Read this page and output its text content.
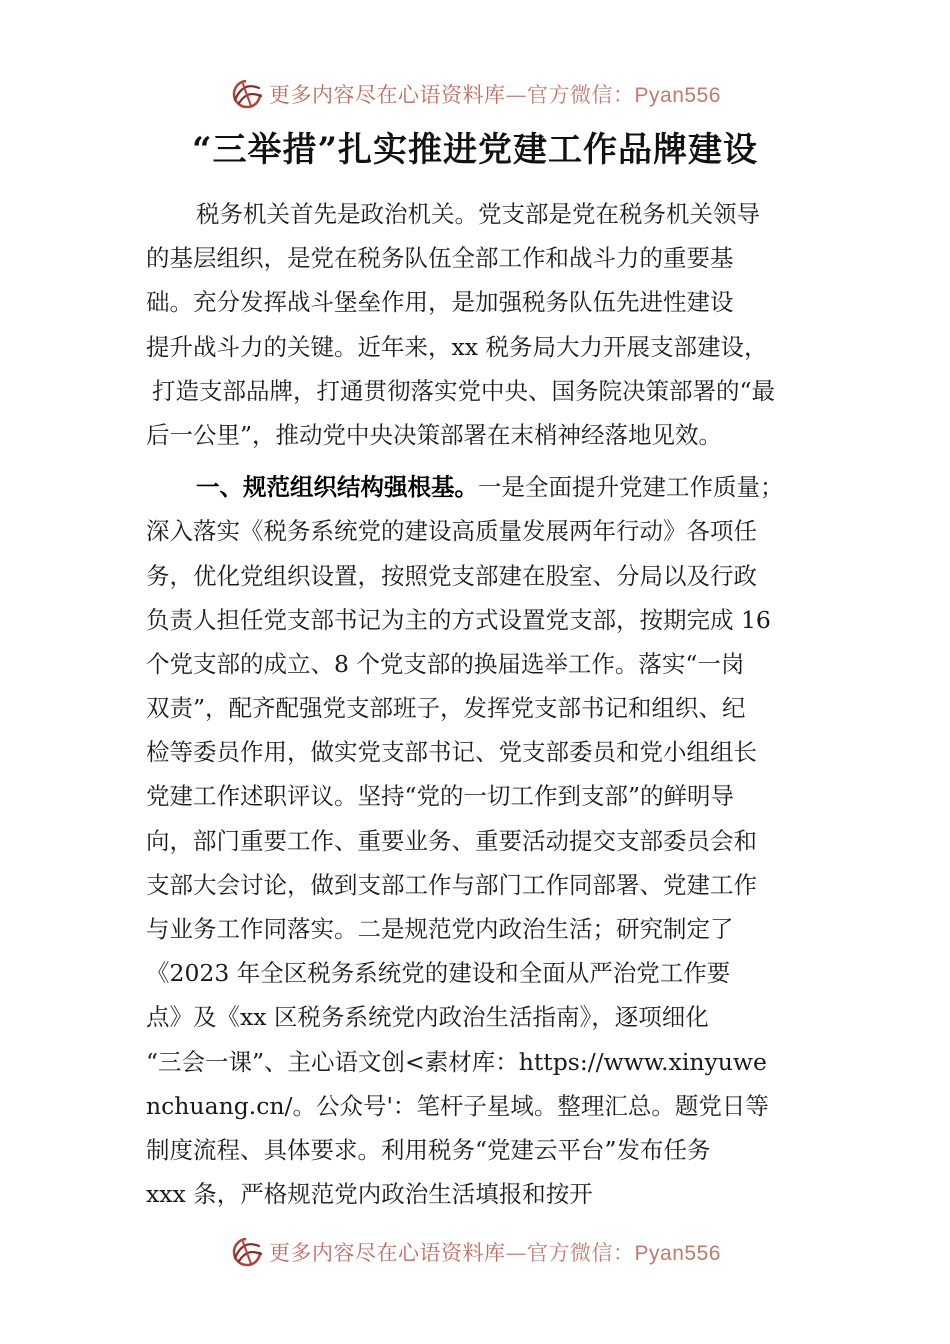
更多内容尽在心语资料库—官方微信：Pyan556
“三举措”扎实推进党建工作品牌建设
税务机关首先是政治机关。党支部是党在税务机关领导
的基层组织，是党在税务队伍全部工作和战斗力的重要基
础。充分发挥战斗堡垒作用，是加强税务队伍先进性建设
提升战斗力的关键。近年来，xx 税务局大力开展支部建设，
打造支部品牌，打通贯彻落实党中央、国务院决策部署的“最
后一公里”，推动党中央决策部署在末梢神经落地见效。
一、规范组织结构强根基。一是全面提升党建工作质量；
深入落实《税务系统党的建设高质量发展两年行动》各项任
务，优化党组织设置，按照党支部建在股室、分局以及行政
负责人担任党支部书记为主的方式设置党支部，按期完成 16
个党支部的成立、8 个党支部的换届选举工作。落实“一岗
双责”，配齐配强党支部班子，发挥党支部书记和组织、纪
检等委员作用，做实党支部书记、党支部委员和党小组组长
党建工作述职评议。坚持“党的一切工作到支部”的鲜明导
向，部门重要工作、重要业务、重要活动提交支部委员会和
支部大会讨论，做到支部工作与部门工作同部署、党建工作
与业务工作同落实。二是规范党内政治生活；研究制定了
《2023 年全区税务系统党的建设和全面从严治党工作要
点》及《xx 区税务系统党内政治生活指南》，逐项细化
“三会一课”、主心语文创<素材库：https://www.xinyuwe
nchuang.cn/。公众号'：笔杆子星域。整理汇总。题党日等
制度流程、具体要求。利用税务“党建云平台”发布任务
xxx 条，严格规范党内政治生活填报和按开
更多内容尽在心语资料库—官方微信：Pyan556
